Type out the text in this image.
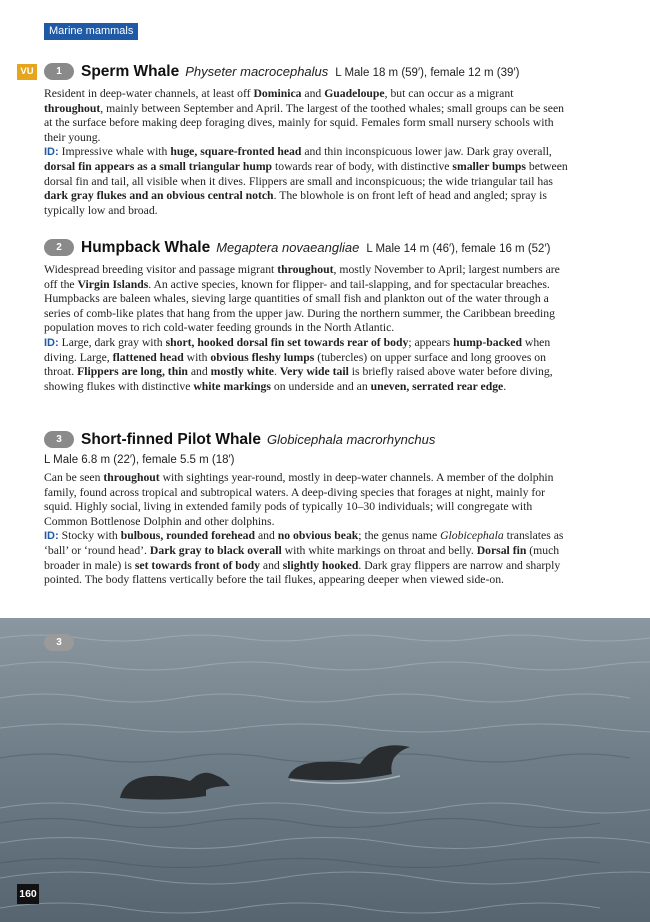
Marine mammals
VU	1	Sperm Whale Physeter macrocephalus L Male 18 m (59′), female 12 m (39′)

Resident in deep-water channels, at least off Dominica and Guadeloupe, but can occur as a migrant throughout, mainly between September and April. The largest of the toothed whales; small groups can be seen at the surface before making deep foraging dives, mainly for squid. Females form small nursery schools with their young.

ID: Impressive whale with huge, square-fronted head and thin inconspicuous lower jaw. Dark gray overall, dorsal fin appears as a small triangular hump towards rear of body, with distinctive smaller bumps between dorsal fin and tail, all visible when it dives. Flippers are small and inconspicuous; the wide triangular tail has dark gray flukes and an obvious central notch. The blowhole is on front left of head and angled; spray is typically low and broad.

2	Humpback Whale Megaptera novaeangliae L Male 14 m (46′), female 16 m (52′)

Widespread breeding visitor and passage migrant throughout, mostly November to April; largest numbers are off the Virgin Islands. An active species, known for flipper- and tail-slapping, and for spectacular breaches. Humpbacks are baleen whales, sieving large quantities of small fish and plankton out of the water through a series of comb-like plates that hang from the upper jaw. During the northern summer, the Caribbean breeding population moves to rich cold-water feeding grounds in the North Atlantic.

ID: Large, dark gray with short, hooked dorsal fin set towards rear of body; appears hump-backed when diving. Large, flattened head with obvious fleshy lumps (tubercles) on upper surface and long grooves on throat. Flippers are long, thin and mostly white. Very wide tail is briefly raised above water before diving, showing flukes with distinctive white markings on underside and an uneven, serrated rear edge.

3	Short-finned Pilot Whale Globicephala macrorhynchus
L Male 6.8 m (22′), female 5.5 m (18′)

Can be seen throughout with sightings year-round, mostly in deep-water channels. A member of the dolphin family, found across tropical and subtropical waters. A deep-diving species that forages at night, mainly for squid. Highly social, living in extended family pods of typically 10–30 individuals; will congregate with Common Bottlenose Dolphin and other dolphins.

ID: Stocky with bulbous, rounded forehead and no obvious beak; the genus name Globicephala translates as ‘ball’ or ‘round head’. Dark gray to black overall with white markings on throat and belly. Dorsal fin (much broader in male) is set towards front of body and slightly hooked. Dark gray flippers are narrow and sharply pointed. The body flattens vertically before the tail flukes, appearing deeper when viewed side-on.

3
160
